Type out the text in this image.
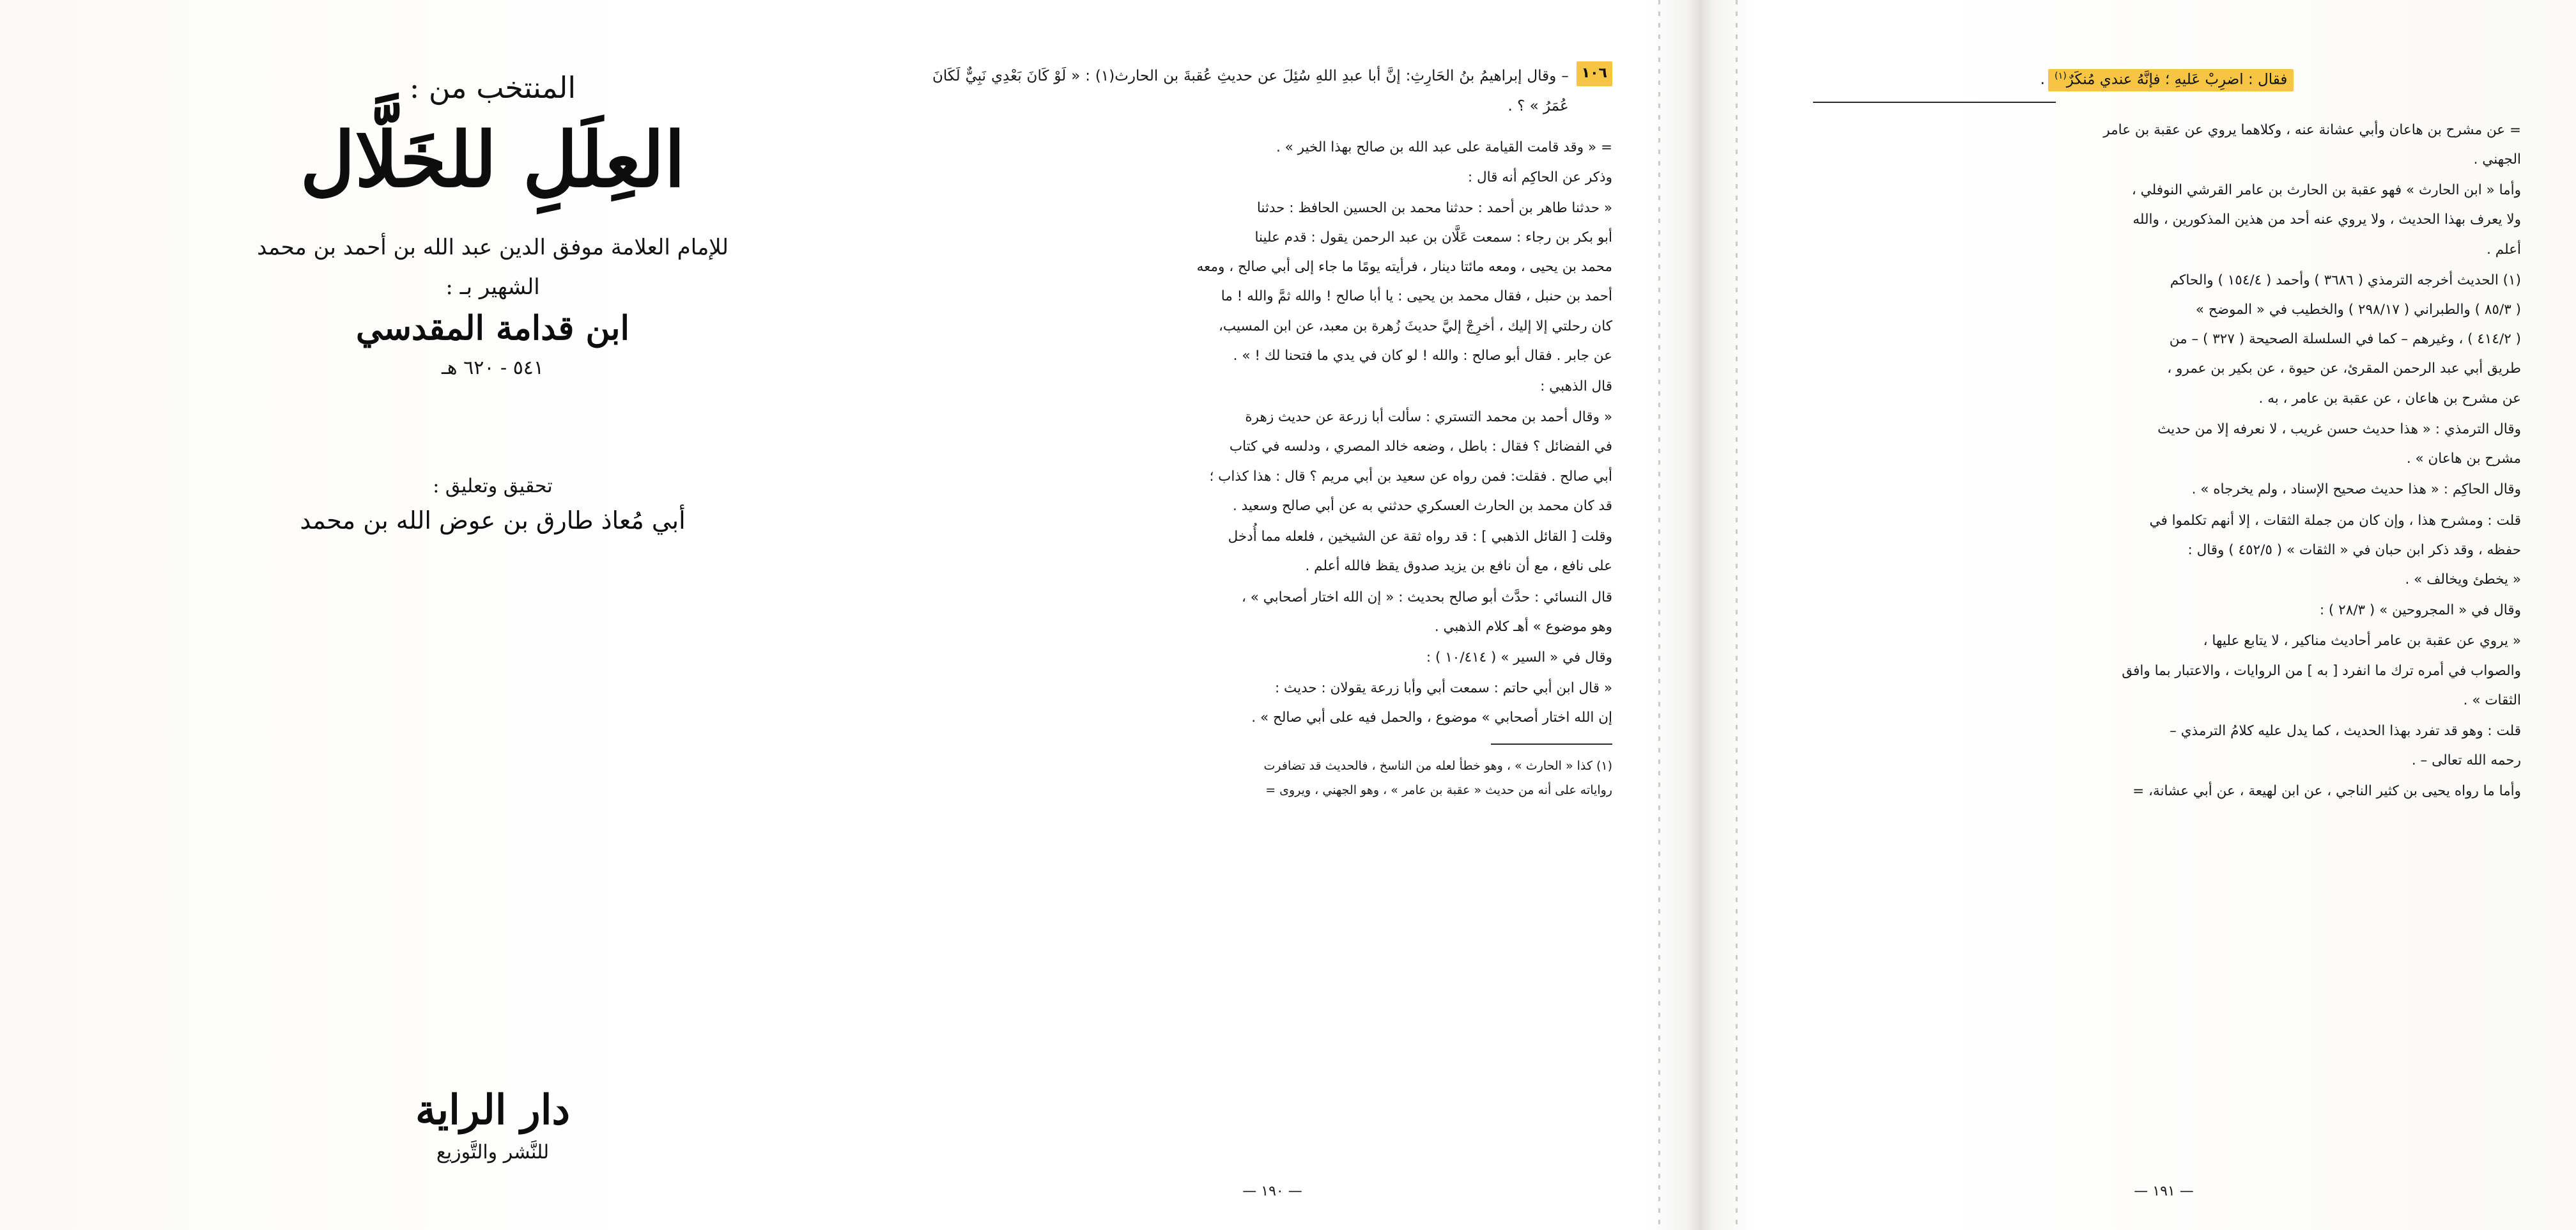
فقال : اضرِبْ عَليهِ ؛ فإنَّهُ عندي مُنكَرٌ$^{(١)}$ .
= عن مشرح بن هاعان وأبي عشانة عنه ، وكلاهما يروي عن عقبة بن عامر
الجهني .
وأما « ابن الحارث » فهو عقبة بن الحارث بن عامر القرشي النوفلي ،
ولا يعرف بهذا الحديث ، ولا يروي عنه أحد من هذين المذكورين ، والله
أعلم .
(١) الحديث أخرجه الترمذي ( ٣٦٨٦ ) وأحمد ( ١٥٤/٤ ) والحاكم
( ٨٥/٣ ) والطبراني ( ٢٩٨/١٧ ) والخطيب في « الموضح »
( ٤١٤/٢ ) ، وغيرهم – كما في السلسلة الصحيحة ( ٣٢٧ ) – من
طريق أبي عبد الرحمن المقرئ، عن حيوة ، عن بكير بن عمرو ،
عن مشرح بن هاعان ، عن عقبة بن عامر ، به .
وقال الترمذي : « هذا حديث حسن غريب ، لا نعرفه إلا من حديث
مشرح بن هاعان » .
وقال الحاكِم : « هذا حديث صحيح الإسناد ، ولم يخرجاه » .
قلت : ومشرح هذا ، وإن كان من جملة الثقات ، إلا أنهم تكلموا في
حفظه ، وقد ذكر ابن حبان في « الثقات » ( ٤٥٢/٥ ) وقال :
« يخطئ ويخالف » .
وقال في « المجروحين » ( ٢٨/٣ ) :
« يروي عن عقبة بن عامر أحاديث مناكير ، لا يتابع عليها ،
والصواب في أمره ترك ما انفرد [ به ] من الروايات ، والاعتبار بما وافق
الثقات » .
قلت : وهو قد تفرد بهذا الحديث ، كما يدل عليه كلامُ الترمذي –
رحمه الله تعالى – .
وأما ما رواه يحيى بن كثير الناجي ، عن ابن لهيعة ، عن أبي عشانة، =
— ١٩١ —
١٠٦
– وقال إبراهيمُ بنُ الحَارِثِ: إنَّ أبا عبدِ اللهِ سُئِلَ عن حديثِ عُقبةَ بن الحارث(١) : « لَوْ كَانَ بَعْدِي نَبِيٌّ لَكَانَ عُمَرُ » ؟ .
= « وقد قامت القيامة على عبد الله بن صالح بهذا الخير » .
وذكر عن الحاكِم أنه قال :
« حدثنا طاهر بن أحمد : حدثنا محمد بن الحسين الحافظ : حدثنا
أبو بكر بن رجاء : سمعت عَلَّان بن عبد الرحمن يقول : قدم علينا
محمد بن يحيى ، ومعه مائتا دينار ، فرأيته يومًا ما جاء إلى أبي صالح ، ومعه
أحمد بن حنبل ، فقال محمد بن يحيى : يا أبا صالح ! والله ثمَّ والله ! ما
كان رحلتي إلا إليك ، أخرِجْ إليَّ حديثَ زُهرة بن معبد، عن ابن المسيب،
عن جابر . فقال أبو صالح : والله ! لو كان في يدي ما فتحنا لك ! » .
قال الذهبي :
« وقال أحمد بن محمد التستري : سألت أبا زرعة عن حديث زهرة
في الفضائل ؟ فقال : باطل ، وضعه خالد المصري ، ودلسه في كتاب
أبي صالح . فقلت: فمن رواه عن سعيد بن أبي مريم ؟ قال : هذا كذاب ؛
قد كان محمد بن الحارث العسكري حدثني به عن أبي صالح وسعيد .
وقلت [ القائل الذهبي ] : قد رواه ثقة عن الشيخين ، فلعله مما أُدخل
على نافع ، مع أن نافع بن يزيد صدوق يقظ فالله أعلم .
قال النسائي : حدَّث أبو صالح بحديث : « إن الله اختار أصحابي » ،
وهو موضوع » أهـ كلام الذهبي .
وقال في « السير » ( ١٠/٤١٤ ) :
« قال ابن أبي حاتم : سمعت أبي وأبا زرعة يقولان : حديث :
إن الله اختار أصحابي » موضوع ، والحمل فيه على أبي صالح » .
(١) كذا « الحارث » ، وهو خطأ لعله من الناسخ ، فالحديث قد تضافرت
رواياته على أنه من حديث « عقبة بن عامر » ، وهو الجهني ، ويروى =
— ١٩٠ —
المنتخب من :
العِلَلِ للخَلَّال
للإمام العلامة موفق الدين عبد الله بن أحمد بن محمد
الشهير بـ :
ابن قدامة المقدسي
٥٤١ - ٦٢٠ هـ
تحقيق وتعليق :
أبي مُعاذ طارق بن عوض الله بن محمد
دار الراية
للنَّشر والتَّوزيع
